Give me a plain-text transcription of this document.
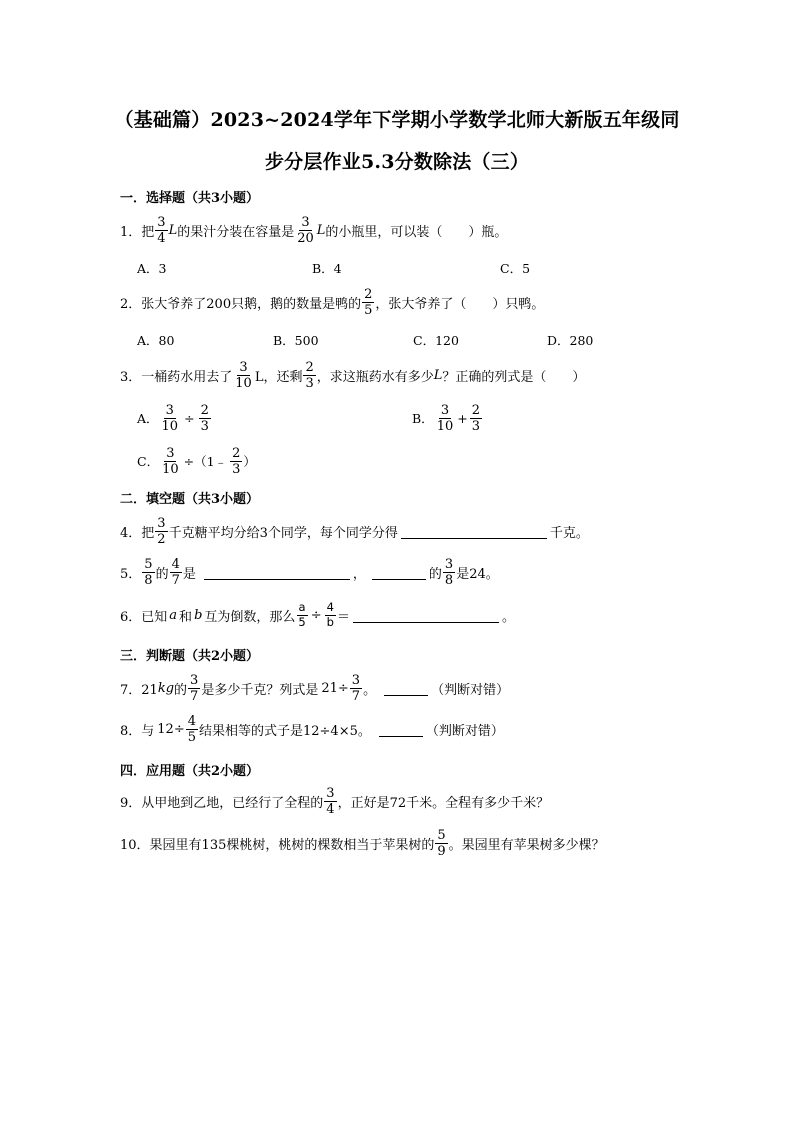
（基础篇）2023~2024学年下学期小学数学北师大新版五年级同
步分层作业5.3分数除法（三）
一．选择题（共3小题）
1．把 $\frac{3}{4}$ L 的果汁分装在容量是 $\frac{3}{20}$ L 的小瓶里，可以装（　　）瓶。
A．3	B．4	C．5
2．张大爷养了200只鹅，鹅的数量是鸭的 $\frac{2}{5}$ ，张大爷养了（　　）只鸭。
A．80	B．500	C．120	D．280
3．一桶药水用去了 $\frac{3}{10}$ L，还剩 $\frac{2}{3}$ ，求这瓶药水有多少 L ？正确的列式是（　　）
A． $\frac{3}{10} \div \frac{2}{3}$	B． $\frac{3}{10} + \frac{2}{3}$
C． $\frac{3}{10}$ ÷（1﹣ $\frac{2}{3}$ ）
二．填空题（共3小题）
4．把 $\frac{3}{2}$ 千克糖平均分给3个同学，每个同学分得	千克。
5． $\frac{5}{8}$ 的 $\frac{4}{7}$ 是	，	的 $\frac{3}{8}$ 是24。
6．已知 a 和 b 互为倒数，那么 $\frac{a}{5} \div \frac{4}{b}$ ＝	。
三．判断题（共2小题）
7．21 kg 的 $\frac{3}{7}$ 是多少千克？列式是 $21\div \frac{3}{7}$ 。	（判断对错）
8．与 $12\div \frac{4}{5}$ 结果相等的式子是12÷4×5。	（判断对错）
四．应用题（共2小题）
9．从甲地到乙地，已经行了全程的 $\frac{3}{4}$ ，正好是72千米。全程有多少千米？
10．果园里有135棵桃树，桃树的棵数相当于苹果树的 $\frac{5}{9}$ 。果园里有苹果树多少棵？
